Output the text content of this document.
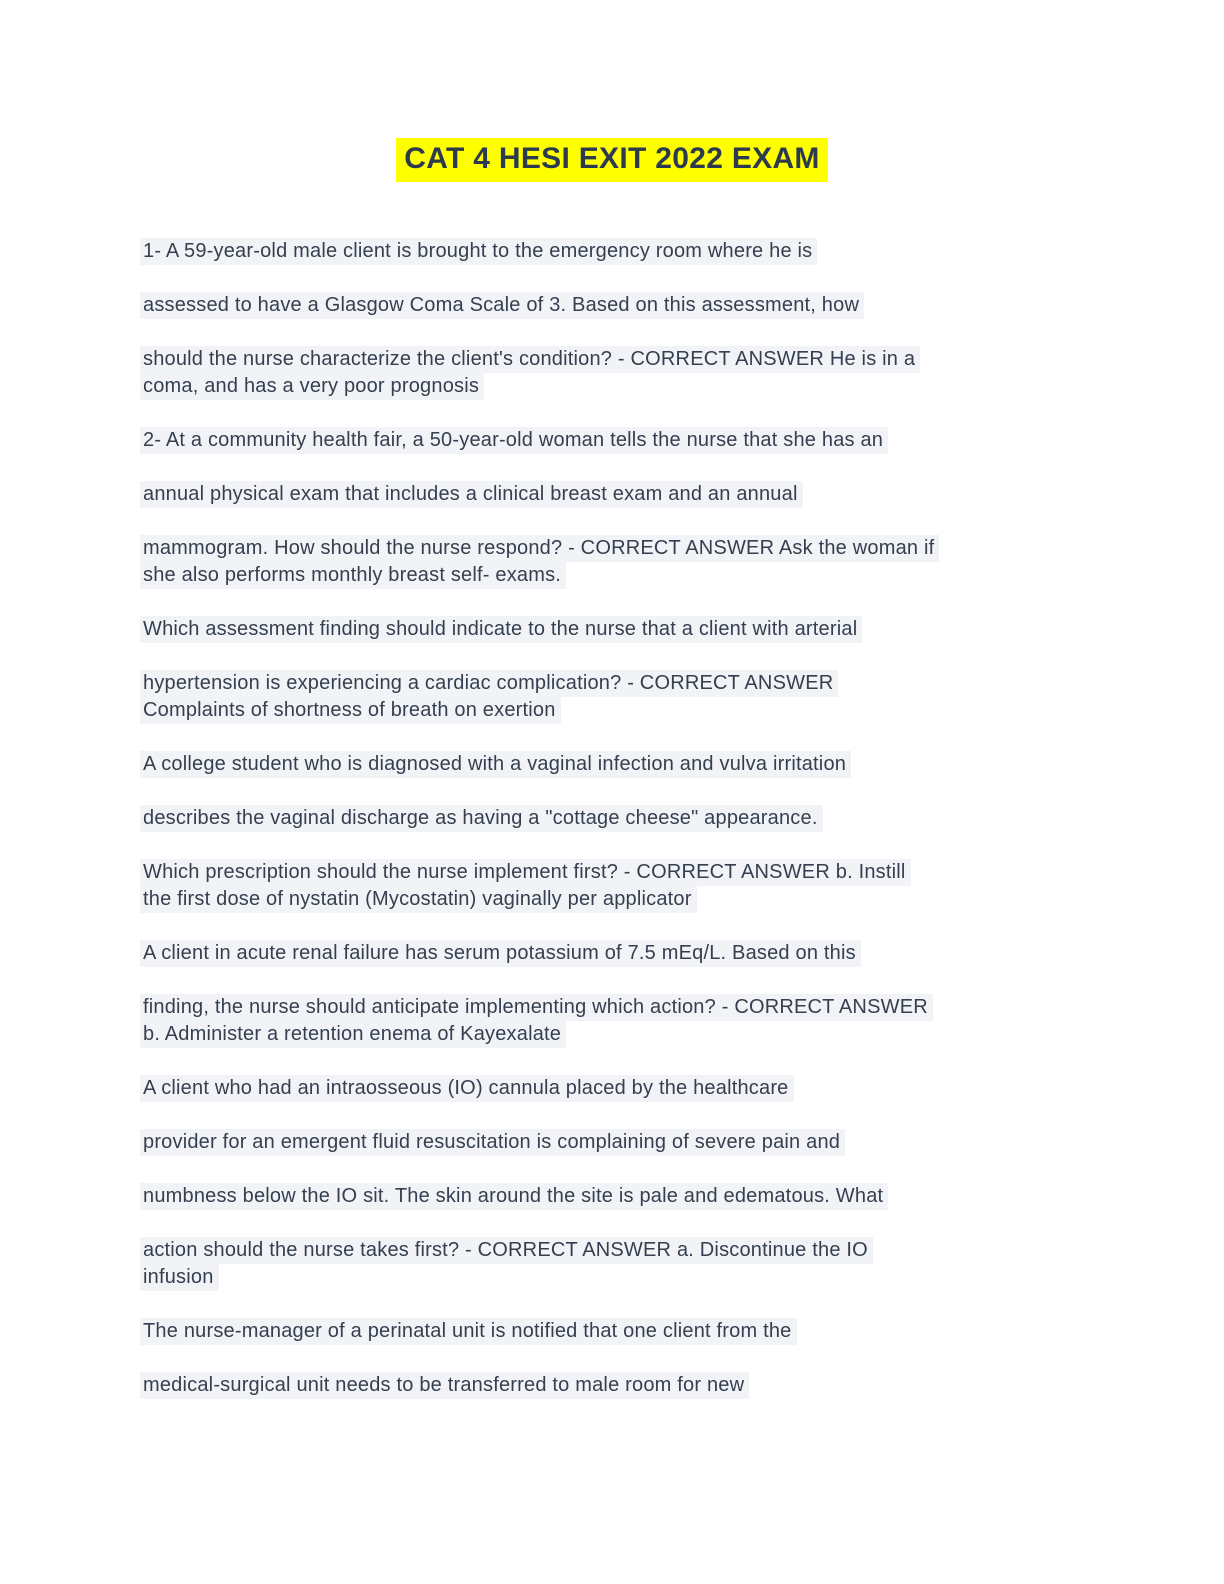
CAT 4 HESI EXIT 2022 EXAM
1- A 59-year-old male client is brought to the emergency room where he is
assessed to have a Glasgow Coma Scale of 3. Based on this assessment, how
should the nurse characterize the client's condition? - CORRECT ANSWER He is in a
coma, and has a very poor prognosis
2- At a community health fair, a 50-year-old woman tells the nurse that she has an
annual physical exam that includes a clinical breast exam and an annual
mammogram. How should the nurse respond? - CORRECT ANSWER Ask the woman if
she also performs monthly breast self- exams.
Which assessment finding should indicate to the nurse that a client with arterial
hypertension is experiencing a cardiac complication? - CORRECT ANSWER
Complaints of shortness of breath on exertion
A college student who is diagnosed with a vaginal infection and vulva irritation
describes the vaginal discharge as having a "cottage cheese" appearance.
Which prescription should the nurse implement first? - CORRECT ANSWER b. Instill
the first dose of nystatin (Mycostatin) vaginally per applicator
A client in acute renal failure has serum potassium of 7.5 mEq/L. Based on this
finding, the nurse should anticipate implementing which action? - CORRECT ANSWER
b. Administer a retention enema of Kayexalate
A client who had an intraosseous (IO) cannula placed by the healthcare
provider for an emergent fluid resuscitation is complaining of severe pain and
numbness below the IO sit. The skin around the site is pale and edematous. What
action should the nurse takes first? - CORRECT ANSWER a. Discontinue the IO
infusion
The nurse-manager of a perinatal unit is notified that one client from the
medical-surgical unit needs to be transferred to male room for new
